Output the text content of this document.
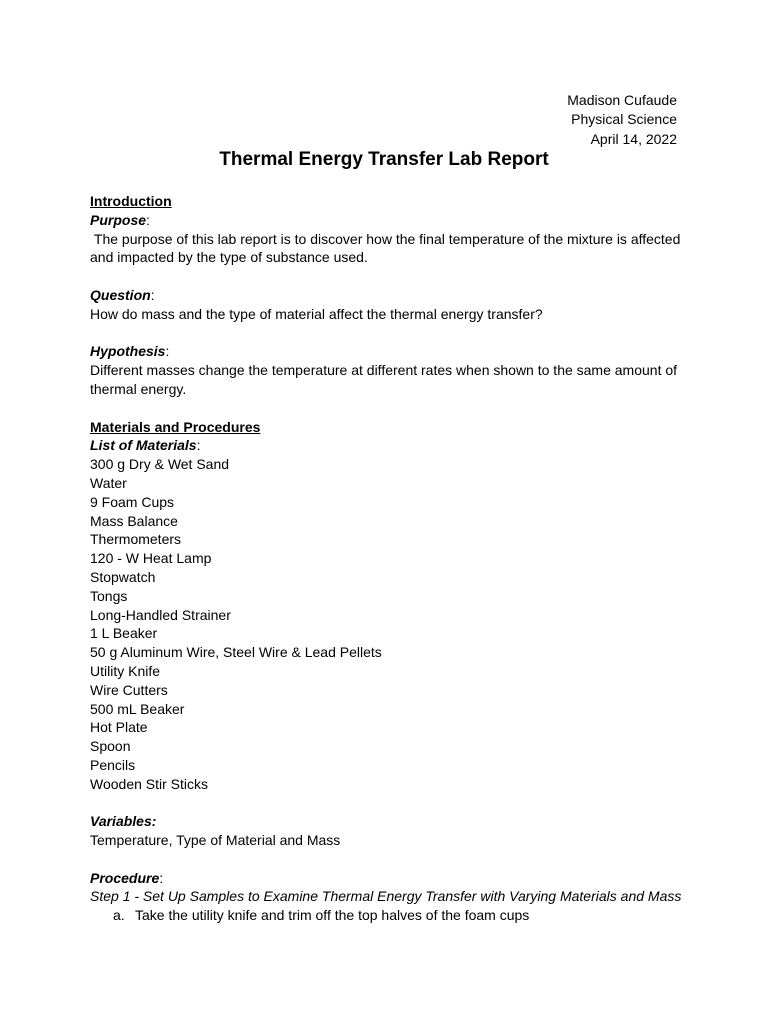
Madison Cufaude
Physical Science
April 14, 2022
Thermal Energy Transfer Lab Report
Introduction
Purpose:
The purpose of this lab report is to discover how the final temperature of the mixture is affected and impacted by the type of substance used.
Question:
How do mass and the type of material affect the thermal energy transfer?
Hypothesis:
Different masses change the temperature at different rates when shown to the same amount of thermal energy.
Materials and Procedures
List of Materials:
300 g Dry & Wet Sand
Water
9 Foam Cups
Mass Balance
Thermometers
120 - W Heat Lamp
Stopwatch
Tongs
Long-Handled Strainer
1 L Beaker
50 g Aluminum Wire, Steel Wire & Lead Pellets
Utility Knife
Wire Cutters
500 mL Beaker
Hot Plate
Spoon
Pencils
Wooden Stir Sticks
Variables:
Temperature, Type of Material and Mass
Procedure:
Step 1 - Set Up Samples to Examine Thermal Energy Transfer with Varying Materials and Mass
a. Take the utility knife and trim off the top halves of the foam cups
